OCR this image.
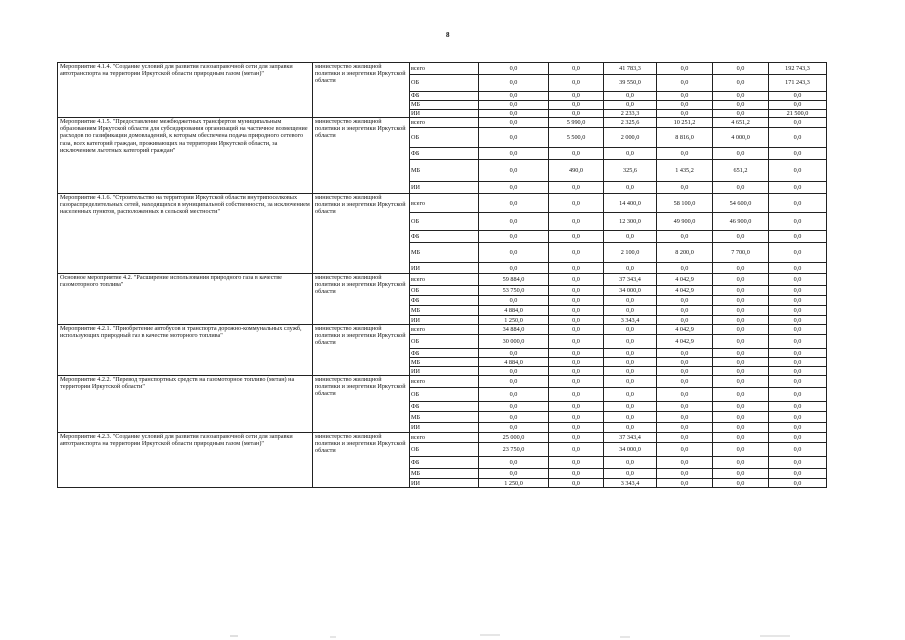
8
Мероприятие 4.1.4. "Создание условий для развития газозаправочной сети для заправки автотранспорта на территории Иркутской области природным газом (метан)"	министерство жилищной политики и энергетики Иркутской области	всего	0,0	0,0	41 783,3	0,0	0,0	192 743,3
		ОБ	0,0	0,0	39 550,0	0,0	0,0	171 243,3
		ФБ	0,0	0,0	0,0	0,0	0,0	0,0
		МБ	0,0	0,0	0,0	0,0	0,0	0,0
		ИИ	0,0	0,0	2 233,3	0,0	0,0	21 500,0
Мероприятие 4.1.5. "Предоставление межбюджетных трансфертов муниципальным образованиям Иркутской области для субсидирования организаций на частичное возмещение расходов по газификации домовладений, к которым обеспечена подача природного сетевого газа, всех категорий граждан, проживающих на территории Иркутской области, за исключением льготных категорий граждан"	министерство жилищной политики и энергетики Иркутской области	всего	0,0	5 990,0	2 325,6	10 251,2	4 651,2	0,0
		ОБ	0,0	5 500,0	2 000,0	8 816,0	4 000,0	0,0
		ФБ	0,0	0,0	0,0	0,0	0,0	0,0
		МБ	0,0	490,0	325,6	1 435,2	651,2	0,0
		ИИ	0,0	0,0	0,0	0,0	0,0	0,0
Мероприятие 4.1.6. "Строительство на территории Иркутской области внутрипоселковых газораспределительных сетей, находящихся в муниципальной собственности, за исключением населенных пунктов, расположенных в сельской местности"	министерство жилищной политики и энергетики Иркутской области	всего	0,0	0,0	14 400,0	58 100,0	54 600,0	0,0
		ОБ	0,0	0,0	12 300,0	49 900,0	46 900,0	0,0
		ФБ	0,0	0,0	0,0	0,0	0,0	0,0
		МБ	0,0	0,0	2 100,0	8 200,0	7 700,0	0,0
		ИИ	0,0	0,0	0,0	0,0	0,0	0,0
Основное мероприятие 4.2. "Расширение использования природного газа в качестве газомоторного топлива"	министерство жилищной политики и энергетики Иркутской области	всего	59 884,0	0,0	37 343,4	4 042,9	0,0	0,0
		ОБ	53 750,0	0,0	34 000,0	4 042,9	0,0	0,0
		ФБ	0,0	0,0	0,0	0,0	0,0	0,0
		МБ	4 884,0	0,0	0,0	0,0	0,0	0,0
		ИИ	1 250,0	0,0	3 343,4	0,0	0,0	0,0
Мероприятие 4.2.1. "Приобретение автобусов и транспорта дорожно-коммунальных служб, использующих природный газ в качестве моторного топлива"	министерство жилищной политики и энергетики Иркутской области	всего	34 884,0	0,0	0,0	4 042,9	0,0	0,0
		ОБ	30 000,0	0,0	0,0	4 042,9	0,0	0,0
		ФБ	0,0	0,0	0,0	0,0	0,0	0,0
		МБ	4 884,0	0,0	0,0	0,0	0,0	0,0
		ИИ	0,0	0,0	0,0	0,0	0,0	0,0
Мероприятие 4.2.2. "Перевод транспортных средств на газомоторное топливо (метан) на территории Иркутской области"	министерство жилищной политики и энергетики Иркутской области	всего	0,0	0,0	0,0	0,0	0,0	0,0
		ОБ	0,0	0,0	0,0	0,0	0,0	0,0
		ФБ	0,0	0,0	0,0	0,0	0,0	0,0
		МБ	0,0	0,0	0,0	0,0	0,0	0,0
		ИИ	0,0	0,0	0,0	0,0	0,0	0,0
Мероприятие 4.2.3. "Создание условий для развития газозаправочной сети для заправки автотранспорта на территории Иркутской области природным газом (метан)"	министерство жилищной политики и энергетики Иркутской области	всего	25 000,0	0,0	37 343,4	0,0	0,0	0,0
		ОБ	23 750,0	0,0	34 000,0	0,0	0,0	0,0
		ФБ	0,0	0,0	0,0	0,0	0,0	0,0
		МБ	0,0	0,0	0,0	0,0	0,0	0,0
		ИИ	1 250,0	0,0	3 343,4	0,0	0,0	0,0
